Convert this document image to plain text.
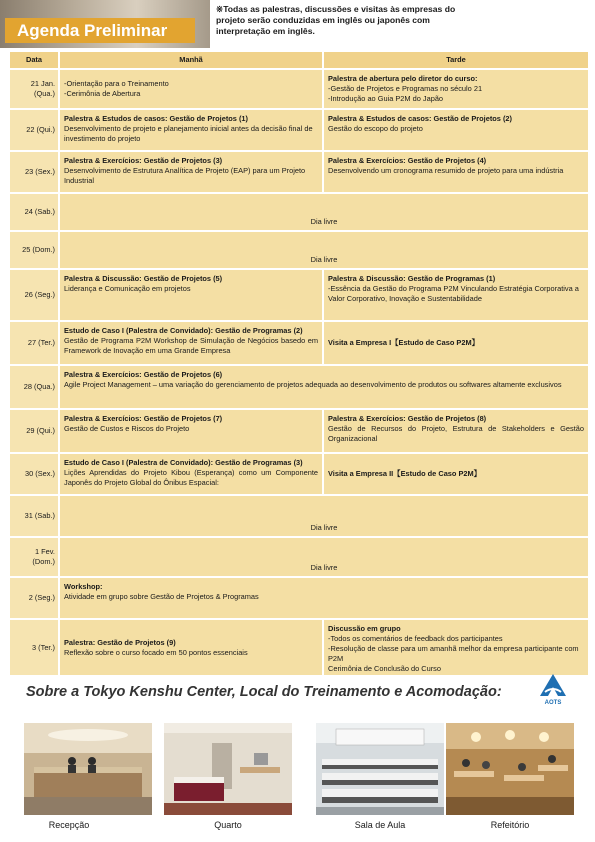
Agenda Preliminar
※Todas as palestras, discussões e visitas às empresas do projeto serão conduzidas em inglês ou japonês com interpretação em inglês.
Data	Manhã	Tarde

21 Jan.
(Qua.)	-Orientação para o Treinamento
-Cerimônia de Abertura	Palestra de abertura pelo diretor do curso:
-Gestão de Projetos e Programas no século 21
-Introdução ao Guia P2M do Japão

22 (Qui.)	Palestra & Estudos de casos: Gestão de Projetos (1)
Desenvolvimento de projeto e planejamento inicial antes da decisão final de investimento do projeto	Palestra & Estudos de casos: Gestão de Projetos (2)
Gestão do escopo do projeto

23 (Sex.)	Palestra & Exercícios: Gestão de Projetos (3)
Desenvolvimento de Estrutura Analítica de Projeto (EAP) para um Projeto Industrial	Palestra & Exercícios: Gestão de Projetos (4)
Desenvolvendo um cronograma resumido de projeto para uma indústria

24 (Sab.)	Dia livre	
25 (Dom.)	Dia livre	
26 (Seg.)	Palestra & Discussão: Gestão de Projetos (5)
Liderança e Comunicação em projetos	Palestra & Discussão: Gestão de Programas (1)
-Essência da Gestão do Programa P2M Vinculando Estratégia Corporativa a Valor Corporativo, Inovação e Sustentabilidade

27 (Ter.)	Estudo de Caso I (Palestra de Convidado): Gestão de Programas (2)
Gestão de Programa P2M Workshop de Simulação de Negócios basedo em Framework de Inovação em uma Grande Empresa	Visita a Empresa I【Estudo de Caso P2M】

28 (Qua.)	Palestra & Exercícios: Gestão de Projetos (6)
Agile Project Management – uma variação do gerenciamento de projetos adequada ao desenvolvimento de produtos ou softwares altamente exclusivos	

29 (Qui.)	Palestra & Exercícios: Gestão de Projetos (7)
Gestão de Custos e Riscos do Projeto	Palestra & Exercícios: Gestão de Projetos (8)
Gestão de Recursos do Projeto, Estrutura de Stakeholders e Gestão Organizacional

30 (Sex.)	Estudo de Caso I (Palestra de Convidado): Gestão de Programas (3)
Lições Aprendidas do Projeto Kibou (Esperança) como um Componente Japonês do Projeto Global do Ônibus Espacial:	Visita a Empresa II【Estudo de Caso P2M】

31 (Sab.)	Dia livre	

1 Fev.
(Dom.)	Dia livre	
2 (Seg.)	Workshop:
Atividade em grupo sobre Gestão de Projetos & Programas	

3 (Ter.)	Palestra: Gestão de Projetos (9)
Reflexão sobre o curso focado em 50 pontos essenciais	Discussão em grupo
-Todos os comentários de feedback dos participantes
-Resolução de classe para um amanhã melhor da empresa participante com P2M
Cerimônia de Conclusão do Curso
Sobre a Tokyo Kenshu Center, Local do Treinamento e Acomodação:
AOTS
Recepção	Quarto	Sala de Aula	Refeitório
